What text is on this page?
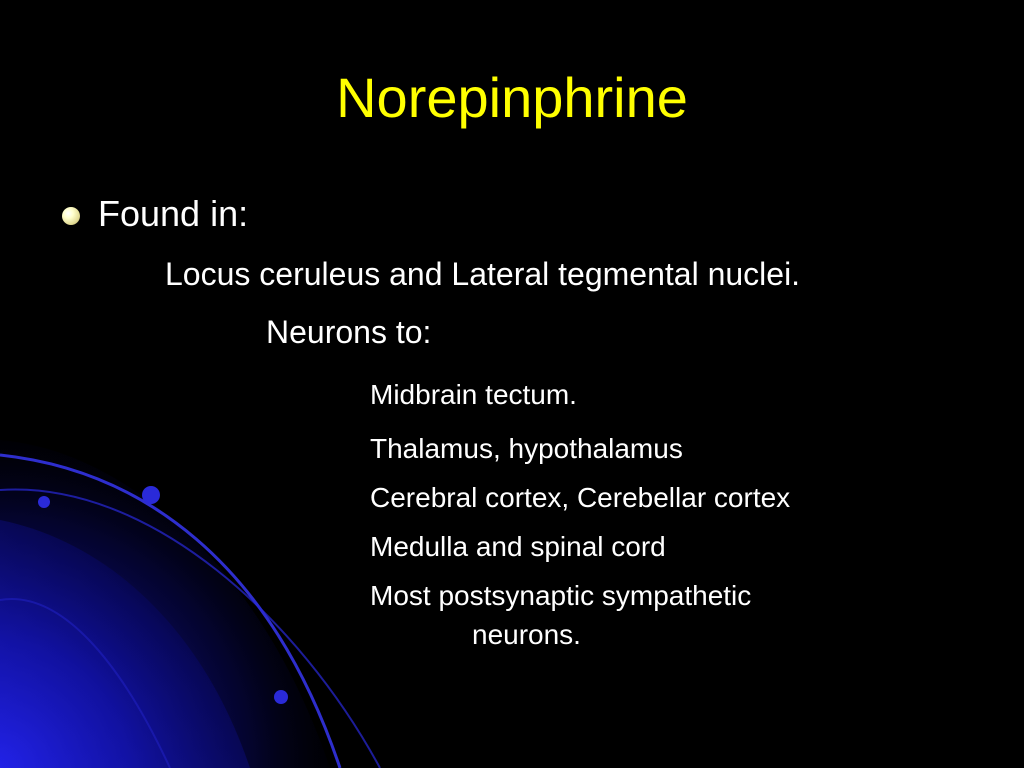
Norepinphrine
Found in:
Locus ceruleus and Lateral tegmental nuclei.
Neurons to:
Midbrain tectum.
Thalamus, hypothalamus
Cerebral cortex, Cerebellar cortex
Medulla and spinal cord
Most postsynaptic sympathetic
neurons.
